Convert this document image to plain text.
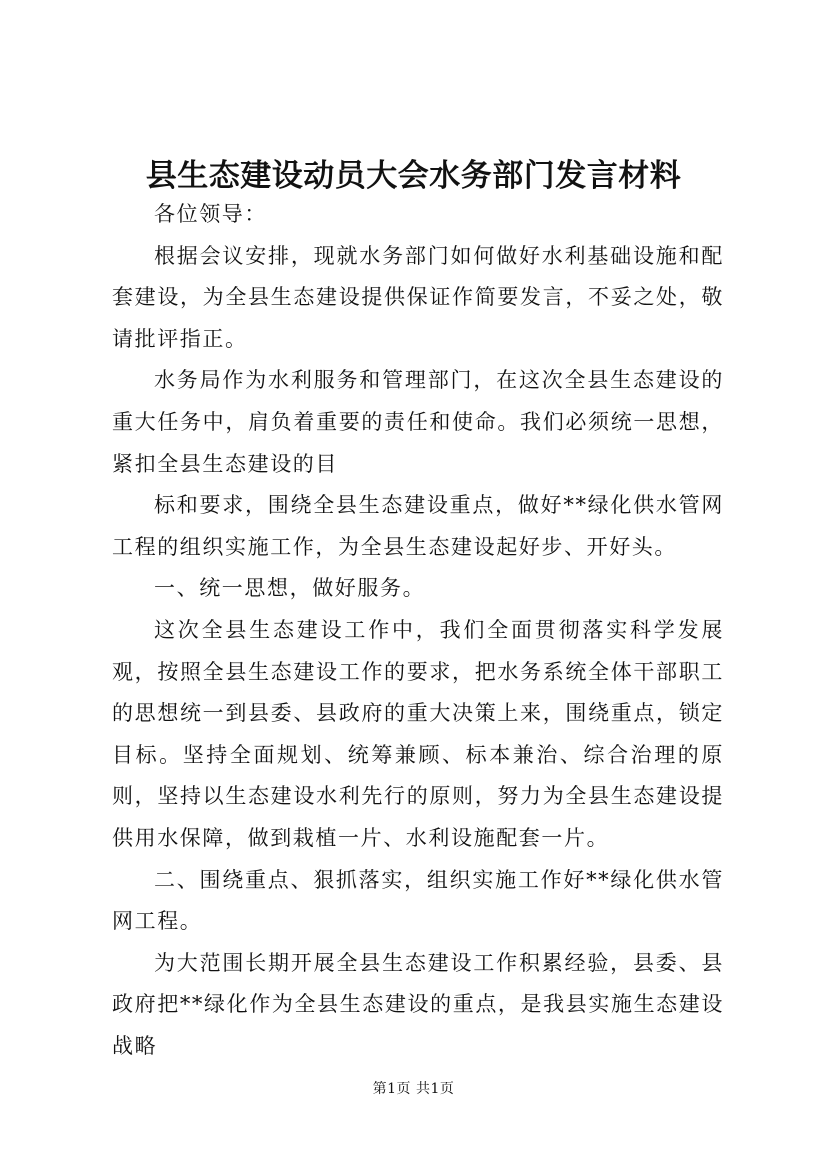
县生态建设动员大会水务部门发言材料

各位领导：

根据会议安排，现就水务部门如何做好水利基础设施和配套建设，为全县生态建设提供保证作简要发言，不妥之处，敬请批评指正。

水务局作为水利服务和管理部门，在这次全县生态建设的重大任务中，肩负着重要的责任和使命。我们必须统一思想，紧扣全县生态建设的目

标和要求，围绕全县生态建设重点，做好**绿化供水管网工程的组织实施工作，为全县生态建设起好步、开好头。

一、统一思想，做好服务。

这次全县生态建设工作中，我们全面贯彻落实科学发展观，按照全县生态建设工作的要求，把水务系统全体干部职工的思想统一到县委、县政府的重大决策上来，围绕重点，锁定目标。坚持全面规划、统筹兼顾、标本兼治、综合治理的原则，坚持以生态建设水利先行的原则，努力为全县生态建设提供用水保障，做到栽植一片、水利设施配套一片。

二、围绕重点、狠抓落实，组织实施工作好**绿化供水管网工程。

为大范围长期开展全县生态建设工作积累经验，县委、县政府把**绿化作为全县生态建设的重点，是我县实施生态建设战略

第1页 共1页
